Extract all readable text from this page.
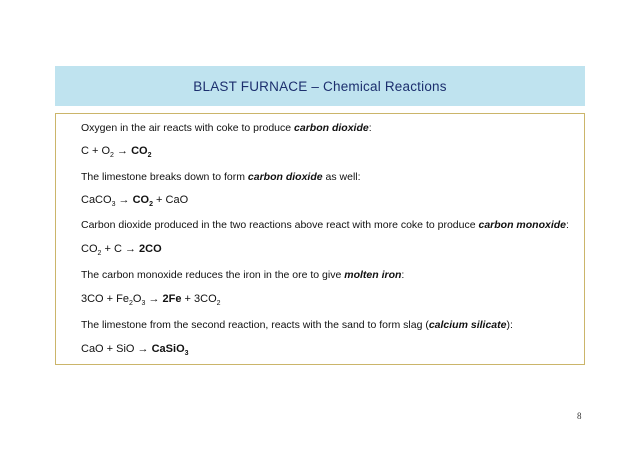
BLAST FURNACE – Chemical Reactions
Oxygen in the air reacts with coke to produce carbon dioxide:
$C + O_2 \to CO_2$
The limestone breaks down to form carbon dioxide as well:
CaCO$_3$ → $CO_2$ + CaO
Carbon dioxide produced in the two reactions above react with more coke to produce carbon monoxide:
$CO_2 + C \to 2CO$
The carbon monoxide reduces the iron in the ore to give molten iron:
$3CO + Fe_2O_3 \to 2Fe + 3CO_2$
The limestone from the second reaction, reacts with the sand to form slag (calcium silicate):
CaO + SiO → CaSiO$_3$
8
